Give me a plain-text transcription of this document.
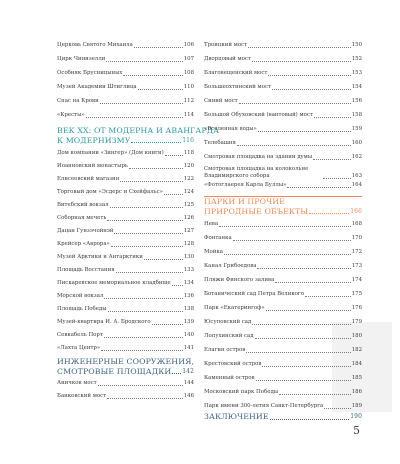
Церковь Святого Михаила	106
Цирк Чинизелли	107
Особняк Брусницыных	108
Музей Академии Штиглица	110
Спас на Крови	112
«Кресты»	114
ВЕК XX: ОТ МОДЕРНА И АВАНГАРДА
К МОДЕРНИЗМУ	116
Дом компании «Зингер» (Дом книги)	118
Иоанновский монастырь	120
Елисеевский магазин	122
Торговый дом «Эсдерс и Схейфальс»	124
Витебский вокзал	125
Соборная мечеть	126
Дацан Гунзэчойнэй	127
Крейсер «Аврора»	128
Музей Арктики и Антарктики	130
Площадь Восстания	133
Пискаревское мемориальное кладбище 134
Морской вокзал	136
Площадь Победы	138
Музей-квартира И. А. Бродского	139
Севкабель Порт	140
«Лахта Центр»	141
ИНЖЕНЕРНЫЕ СООРУЖЕНИЯ,
СМОТРОВЫЕ ПЛОЩАДКИ 142
Аничков мост	144
Банковский мост	146
Троицкий мост	150
Дворцовый мост	152
Благовещенский мост	153
Большеохтинский мост	154
Синий мост	156
Большой Обуховский (вантовый) мост	158
«Вселенная воды»	159
Телебашня	160
Смотровая площадка на здании думы	162
Смотровая площадка на колокольне Владимирского собора	163
«Фотоглаерея Карла Буллы»	164
ПАРКИ И ПРОЧИЕ
ПРИРОДНЫЕ ОБЪЕКТЫ	166
Нева	168
Фонтанка	170
Мойка	172
Канал Грибоедова	173
Пляжи Финского залива	174
Ботанический сад Петра Великого	175
Парк «Екатерингоф»	176
Юсуповский сад	179
Лопухинский сад	180
Елагин остров	182
Крестовский остров	184
Каменный остров	185
Московский парк Победы	186
Парк имени 300-летия Санкт-Петербурга	189
ЗАКЛЮЧЕНИЕ	190
5
